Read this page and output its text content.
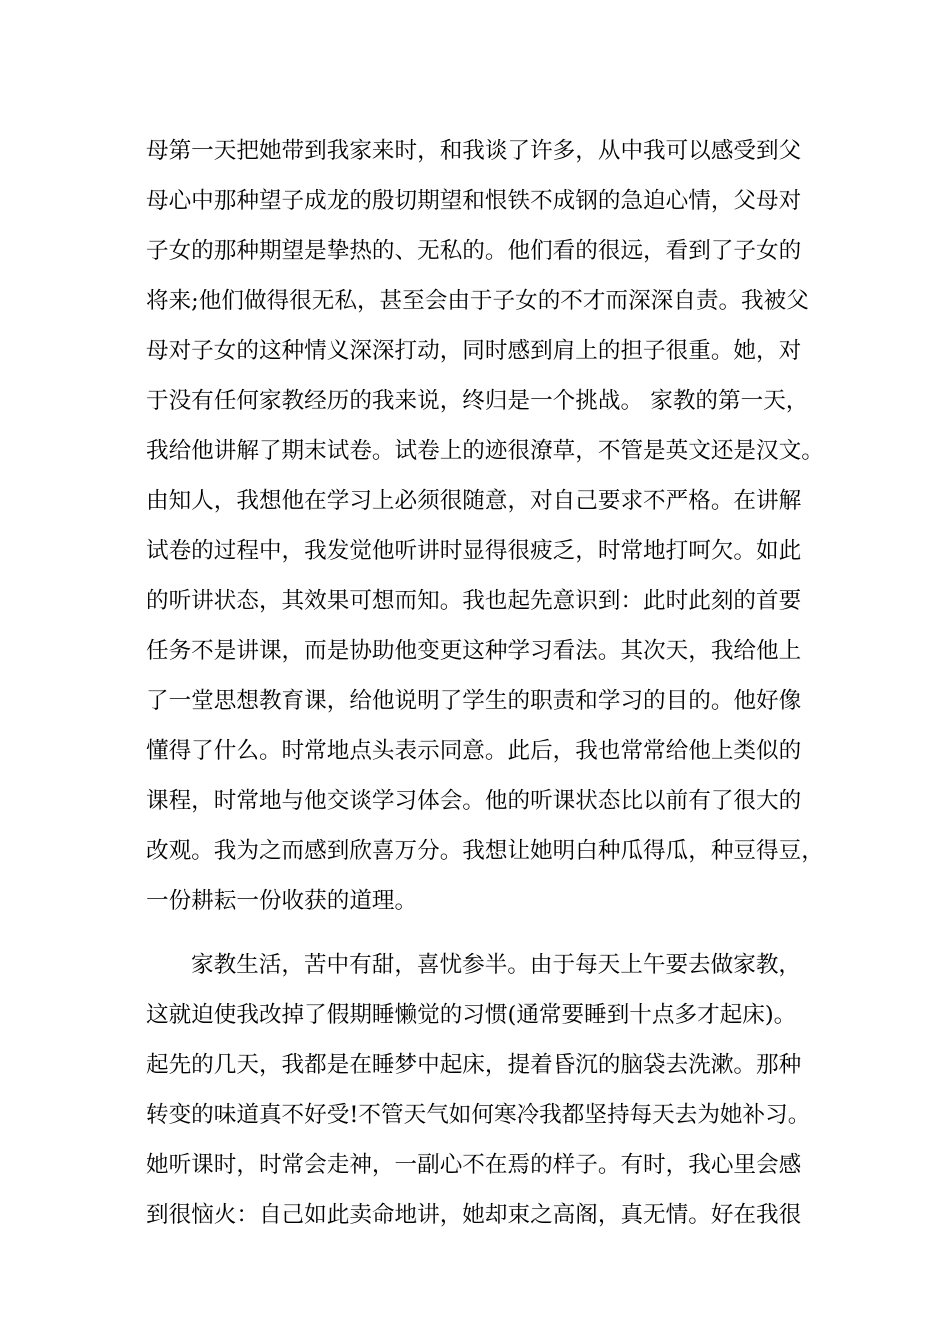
母第一天把她带到我家来时，和我谈了许多，从中我可以感受到父
母心中那种望子成龙的殷切期望和恨铁不成钢的急迫心情，父母对
子女的那种期望是挚热的、无私的。他们看的很远，看到了子女的
将来;他们做得很无私，甚至会由于子女的不才而深深自责。我被父
母对子女的这种情义深深打动，同时感到肩上的担子很重。她，对
于没有任何家教经历的我来说，终归是一个挑战。 家教的第一天，
我给他讲解了期末试卷。试卷上的迹很潦草，不管是英文还是汉文。
由知人，我想他在学习上必须很随意，对自己要求不严格。在讲解
试卷的过程中，我发觉他听讲时显得很疲乏，时常地打呵欠。如此
的听讲状态，其效果可想而知。我也起先意识到：此时此刻的首要
任务不是讲课，而是协助他变更这种学习看法。其次天，我给他上
了一堂思想教育课，给他说明了学生的职责和学习的目的。他好像
懂得了什么。时常地点头表示同意。此后，我也常常给他上类似的
课程，时常地与他交谈学习体会。他的听课状态比以前有了很大的
改观。我为之而感到欣喜万分。我想让她明白种瓜得瓜，种豆得豆，
一份耕耘一份收获的道理。
家教生活，苦中有甜，喜忧参半。由于每天上午要去做家教，
这就迫使我改掉了假期睡懒觉的习惯(通常要睡到十点多才起床)。
起先的几天，我都是在睡梦中起床，提着昏沉的脑袋去洗漱。那种
转变的味道真不好受!不管天气如何寒冷我都坚持每天去为她补习。
她听课时，时常会走神，一副心不在焉的样子。有时，我心里会感
到很恼火：自己如此卖命地讲，她却束之高阁，真无情。好在我很
